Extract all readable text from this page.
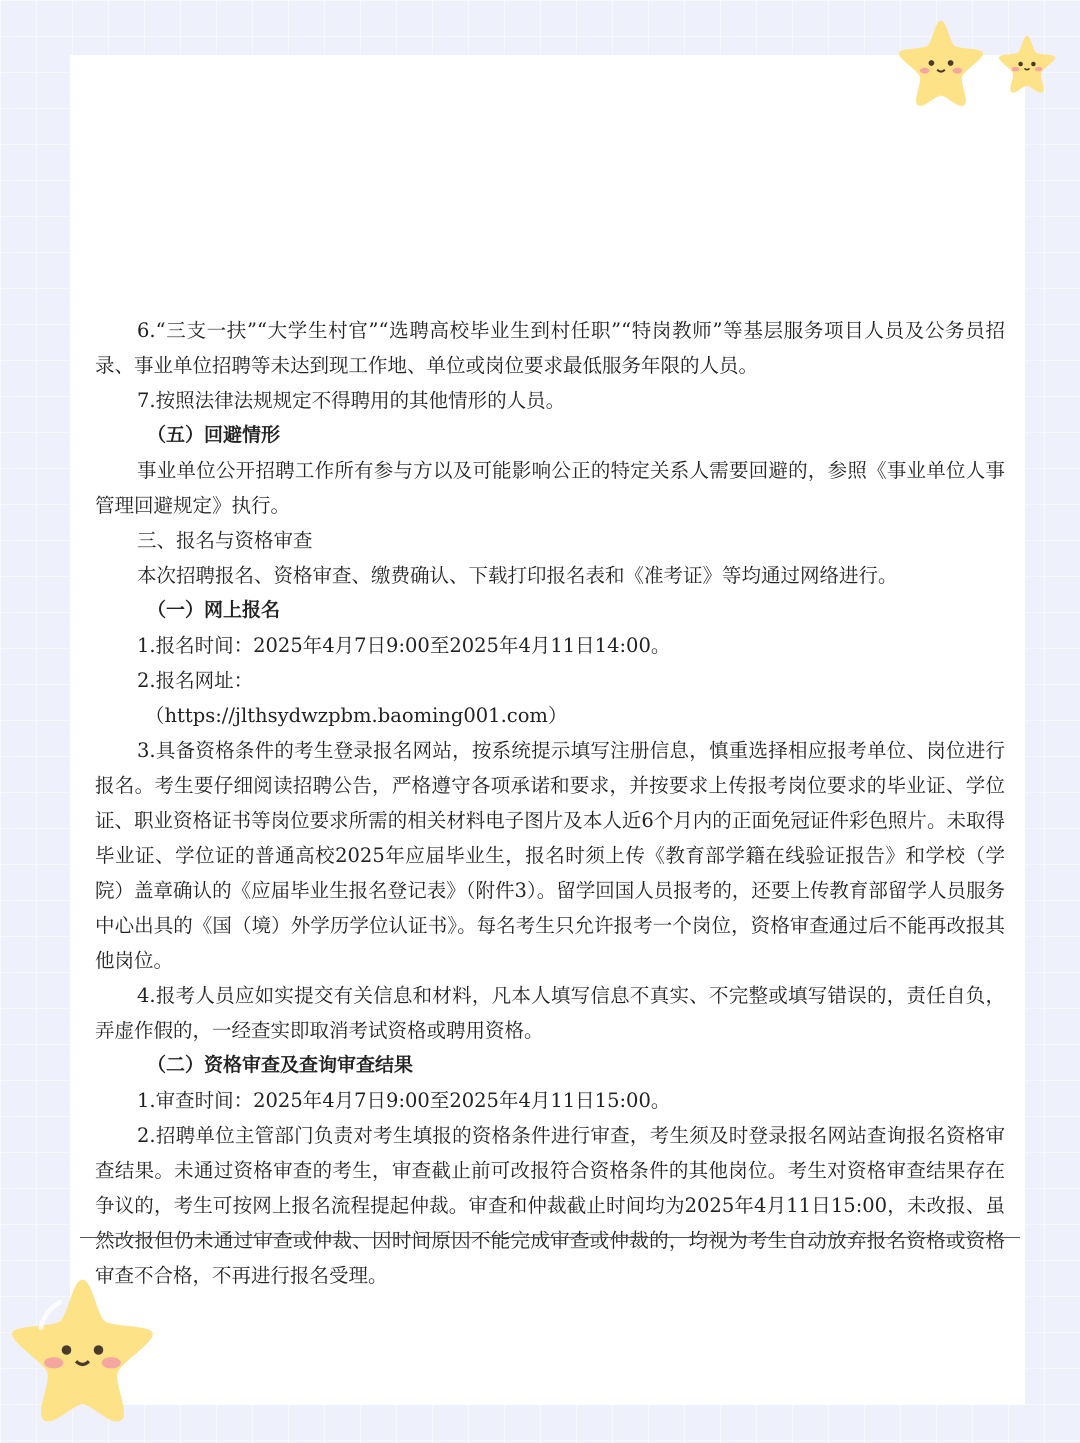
6.“三支一扶”“大学生村官”“选聘高校毕业生到村任职”“特岗教师”等基层服务项目人员及公务员招录、事业单位招聘等未达到现工作地、单位或岗位要求最低服务年限的人员。

7.按照法律法规规定不得聘用的其他情形的人员。

（五）回避情形

事业单位公开招聘工作所有参与方以及可能影响公正的特定关系人需要回避的，参照《事业单位人事管理回避规定》执行。

三、报名与资格审查

本次招聘报名、资格审查、缴费确认、下载打印报名表和《准考证》等均通过网络进行。

（一）网上报名

1.报名时间：2025年4月7日9:00至2025年4月11日14:00。

2.报名网址：

（https://jlthsydwzpbm.baoming001.com）

3.具备资格条件的考生登录报名网站，按系统提示填写注册信息，慎重选择相应报考单位、岗位进行报名。考生要仔细阅读招聘公告，严格遵守各项承诺和要求，并按要求上传报考岗位要求的毕业证、学位证、职业资格证书等岗位要求所需的相关材料电子图片及本人近6个月内的正面免冠证件彩色照片。未取得毕业证、学位证的普通高校2025年应届毕业生，报名时须上传《教育部学籍在线验证报告》和学校（学院）盖章确认的《应届毕业生报名登记表》（附件3）。留学回国人员报考的，还要上传教育部留学人员服务中心出具的《国（境）外学历学位认证书》。每名考生只允许报考一个岗位，资格审查通过后不能再改报其他岗位。

4.报考人员应如实提交有关信息和材料，凡本人填写信息不真实、不完整或填写错误的，责任自负，弄虚作假的，一经查实即取消考试资格或聘用资格。

（二）资格审查及查询审查结果

1.审查时间：2025年4月7日9:00至2025年4月11日15:00。

2.招聘单位主管部门负责对考生填报的资格条件进行审查，考生须及时登录报名网站查询报名资格审查结果。未通过资格审查的考生，审查截止前可改报符合资格条件的其他岗位。考生对资格审查结果存在争议的，考生可按网上报名流程提起仲裁。审查和仲裁截止时间均为2025年4月11日15:00，未改报、虽然改报但仍未通过审查或仲裁、因时间原因不能完成审查或仲裁的，均视为考生自动放弃报名资格或资格审查不合格，不再进行报名受理。
